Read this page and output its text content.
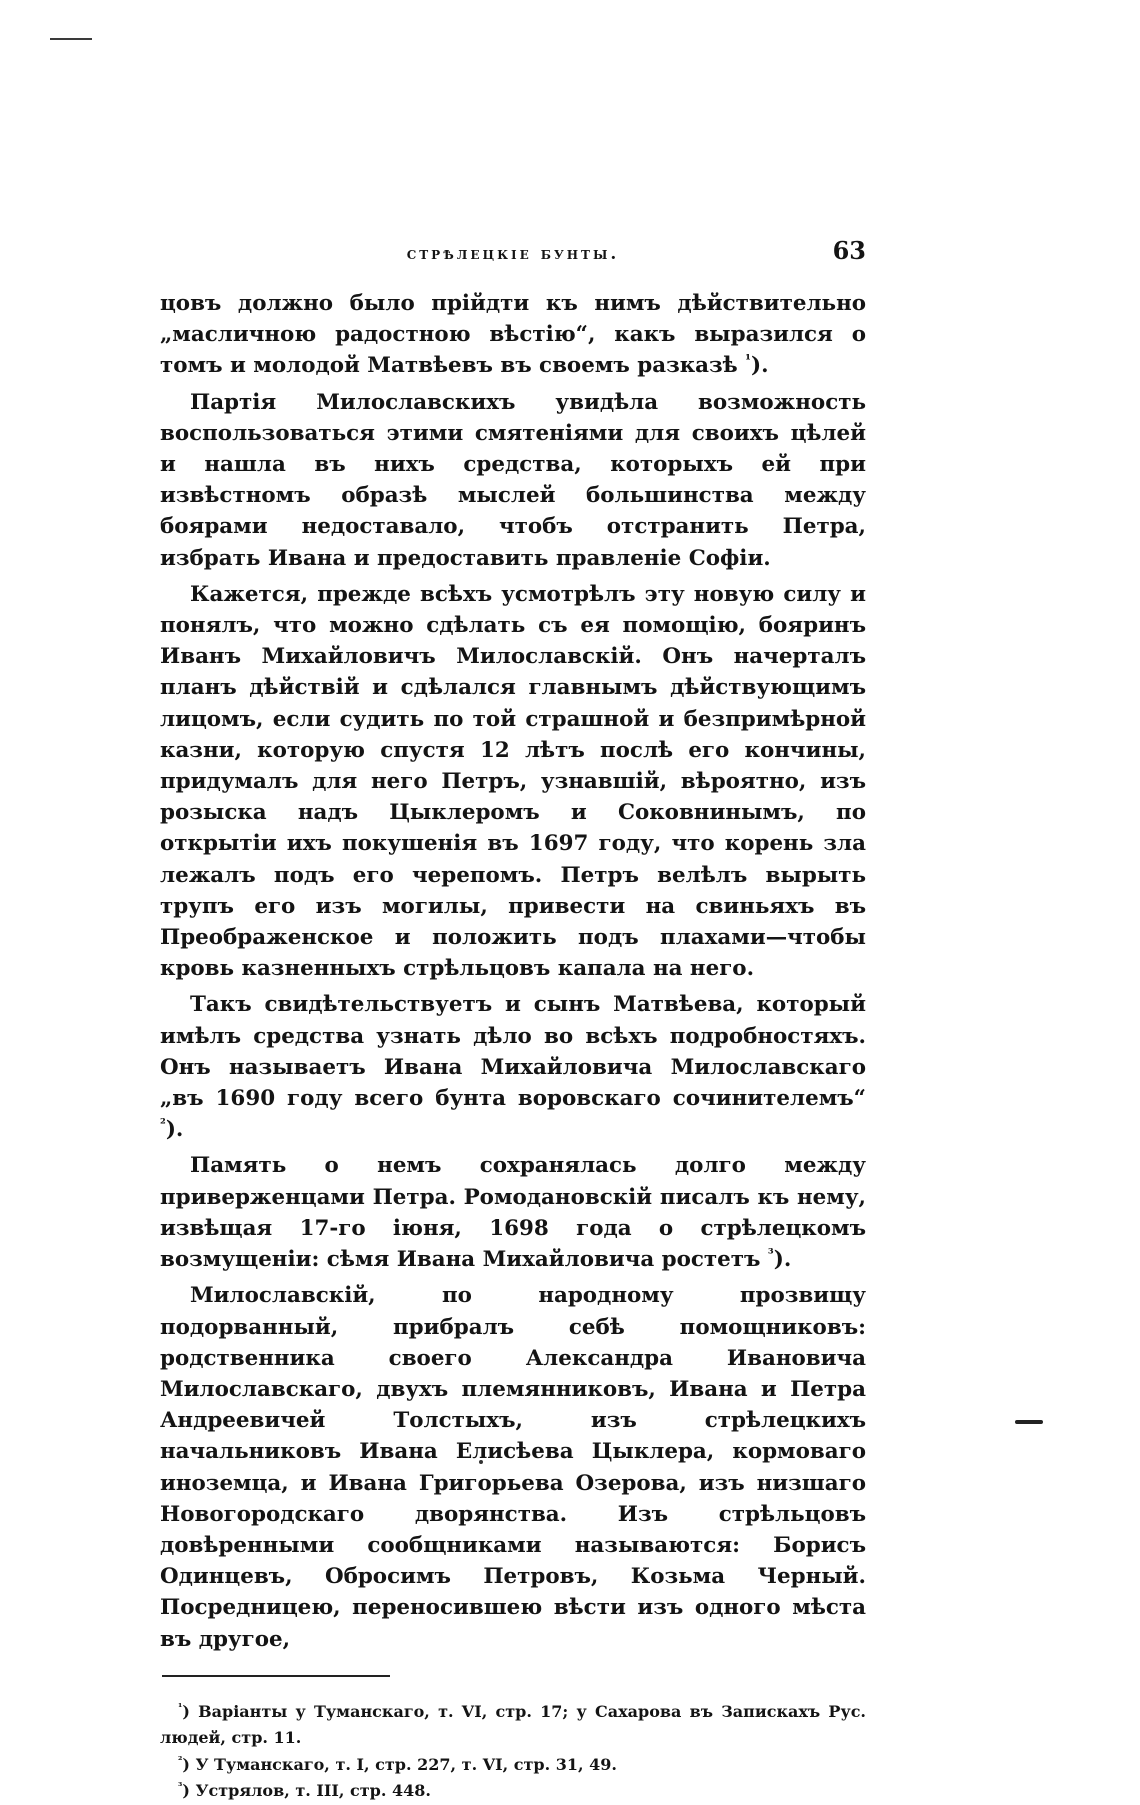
стрѣлецкіе бунты.	63

цовъ должно было прійдти къ нимъ дѣйствительно „масличною радостною вѣстію“, какъ выразился о томъ и молодой Матвѣевъ въ своемъ разказѣ $^{^1}$).

Партія Милославскихъ увидѣла возможность воспользоваться этими смятеніями для своихъ цѣлей и нашла въ нихъ средства, которыхъ ей при извѣстномъ образѣ мыслей большинства между боярами недоставало, чтобъ отстранить Петра, избрать Ивана и предоставить правленіе Софіи.

Кажется, прежде всѣхъ усмотрѣлъ эту новую силу и понялъ, что можно сдѣлать съ ея помощію, бояринъ Иванъ Михайловичъ Милославскій. Онъ начерталъ планъ дѣйствій и сдѣлался главнымъ дѣйствующимъ лицомъ, если судить по той страшной и безпримѣрной казни, которую спустя 12 лѣтъ послѣ его кончины, придумалъ для него Петръ, узнавшій, вѣроятно, изъ розыска надъ Цыклеромъ и Соковнинымъ, по открытіи ихъ покушенія въ 1697 году, что корень зла лежалъ подъ его черепомъ. Петръ велѣлъ вырыть трупъ его изъ могилы, привести на свиньяхъ въ Преображенское и положить подъ плахами—чтобы кровь казненныхъ стрѣльцовъ капала на него.

Такъ свидѣтельствуетъ и сынъ Матвѣева, который имѣлъ средства узнать дѣло во всѣхъ подробностяхъ. Онъ называетъ Ивана Михайловича Милославскаго „въ 1690 году всего бунта воровскаго сочинителемъ“ $^{^2}$).

Память о немъ сохранялась долго между приверженцами Петра. Ромодановскій писалъ къ нему, извѣщая 17-го іюня, 1698 года о стрѣлецкомъ возмущеніи: сѣмя Ивана Михайловича ростетъ $^{^3}$).

Милославскій, по народному прозвищу подорванный, прибралъ себѣ помощниковъ: родственника своего Александра Ивановича Милославскаго, двухъ племянниковъ, Ивана и Петра Андреевичей Толстыхъ, изъ стрѣлецкихъ начальниковъ Ивана Елисѣева Цыклера, кормоваго иноземца, и Ивана Григорьева Озерова, изъ низшаго Новогородскаго дворянства. Изъ стрѣльцовъ довѣренными сообщниками называются: Борисъ Одинцевъ, Обросимъ Петровъ, Козьма Черный. Посредницею, переносившею вѣсти изъ одного мѣста въ другое,

$^{^1}$) Варіанты у Туманскаго, т. VI, стр. 17; у Сахарова въ Запискахъ Рус. людей, стр. 11.

$^{^2}$) У Туманскаго, т. I, стр. 227, т. VI, стр. 31, 49.

$^{^3}$) Устрялов, т. III, стр. 448.
